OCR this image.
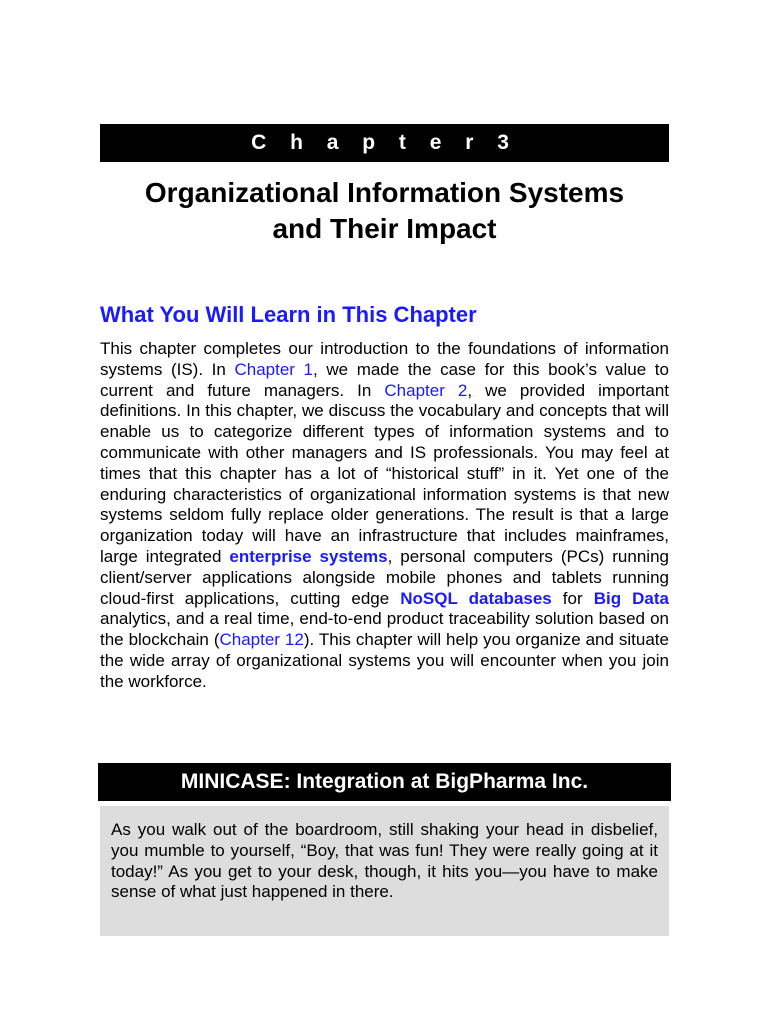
C h a p t e r 3
Organizational Information Systems
and Their Impact
What You Will Learn in This Chapter

This chapter completes our introduction to the foundations of information systems (IS). In Chapter 1, we made the case for this book’s value to current and future managers. In Chapter 2, we provided important definitions. In this chapter, we discuss the vocabulary and concepts that will enable us to categorize different types of information systems and to communicate with other managers and IS professionals. You may feel at times that this chapter has a lot of “historical stuff” in it. Yet one of the enduring characteristics of organizational information systems is that new systems seldom fully replace older generations. The result is that a large organization today will have an infrastructure that includes mainframes, large integrated enterprise systems, personal computers (PCs) running client/server applications alongside mobile phones and tablets running cloud-first applications, cutting edge NoSQL databases for Big Data analytics, and a real time, end-to-end product traceability solution based on the blockchain (Chapter 12). This chapter will help you organize and situate the wide array of organizational systems you will encounter when you join the workforce.

MINICASE: Integration at BigPharma Inc.
As you walk out of the boardroom, still shaking your head in disbelief, you mumble to yourself, “Boy, that was fun! They were really going at it today!” As you get to your desk, though, it hits you—you have to make sense of what just happened in there.
